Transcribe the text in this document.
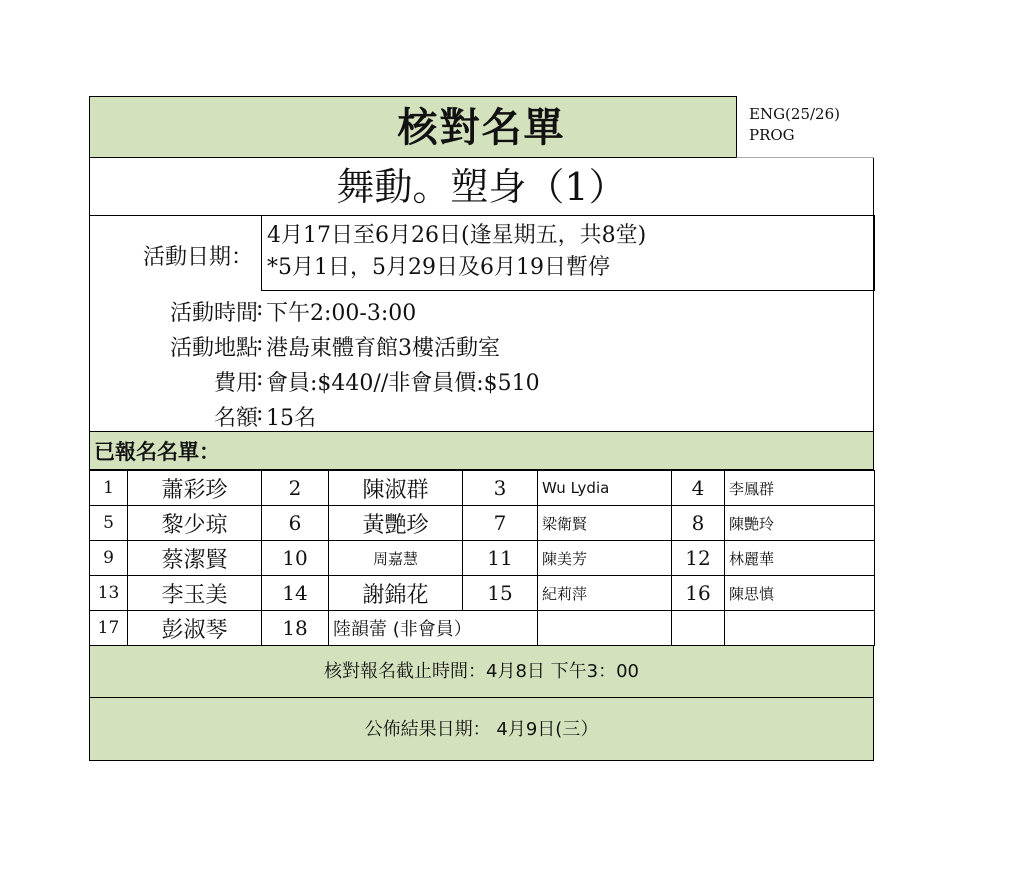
核對名單	ENG(25/26)
PROG
舞動。塑身（1）
活動日期：
4月17日至6月26日(逢星期五，共8堂)
*5月1日，5月29日及6月19日暫停
活動時間
: 下午2:00-3:00
活動地點
: 港島東體育館3樓活動室
費用
: 會員:$440//非會員價:$510
名額
: 15名
已報名名單：
1	蕭彩珍	2	陳淑群	3	Wu Lydia	4	李鳳群
5	黎少琼	6	黃艷珍	7	梁衛賢	8	陳艷玲
9	蔡潔賢	10	周嘉慧	11	陳美芳	12	林麗華
13	李玉美	14	謝錦花	15	紀莉萍	16	陳思慎
17	彭淑琴	18	陸韻蕾 (非會員）				
核對報名截止時間：4月8日 下午3：00
公佈結果日期： 4月9日(三）
